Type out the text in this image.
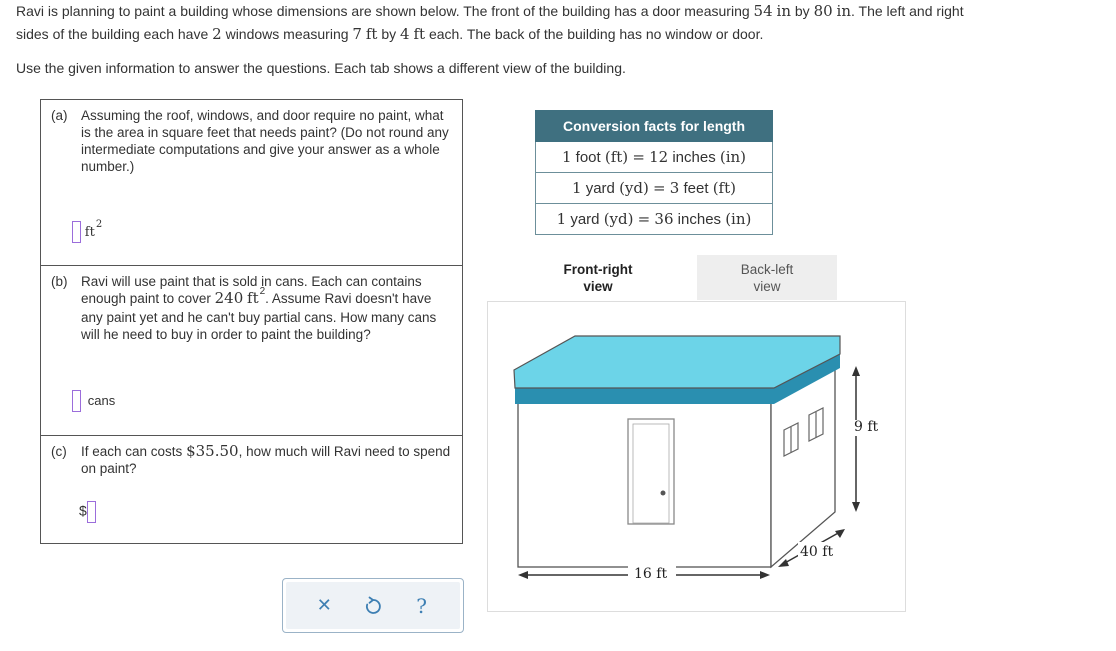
Ravi is planning to paint a building whose dimensions are shown below. The front of the building has a door measuring 54 in by 80 in. The left and right

sides of the building each have 2 windows measuring 7 ft by 4 ft each. The back of the building has no window or door.

Use the given information to answer the questions. Each tab shows a different view of the building.

(a)	Assuming the roof, windows, and door require no paint, what is the area in square feet that needs paint? (Do not round any intermediate computations and give your answer as a whole number.)
$ft^2$
(b)	Ravi will use paint that is sold in cans. Each can contains enough paint to cover 240 $ft^2$. Assume Ravi doesn't have any paint yet and he can't buy partial cans. How many cans will he need to buy in order to paint the building?
cans
(c)	If each can costs $35.50, how much will Ravi need to spend on paint?
$
Conversion facts for length
1 foot (ft) = 12 inches (in)
1 yard (yd) = 3 feet (ft)
1 yard (yd) = 36 inches (in)
Front-right
view
Back-left
view
9 ft
40 ft
16 ft
✕	?
